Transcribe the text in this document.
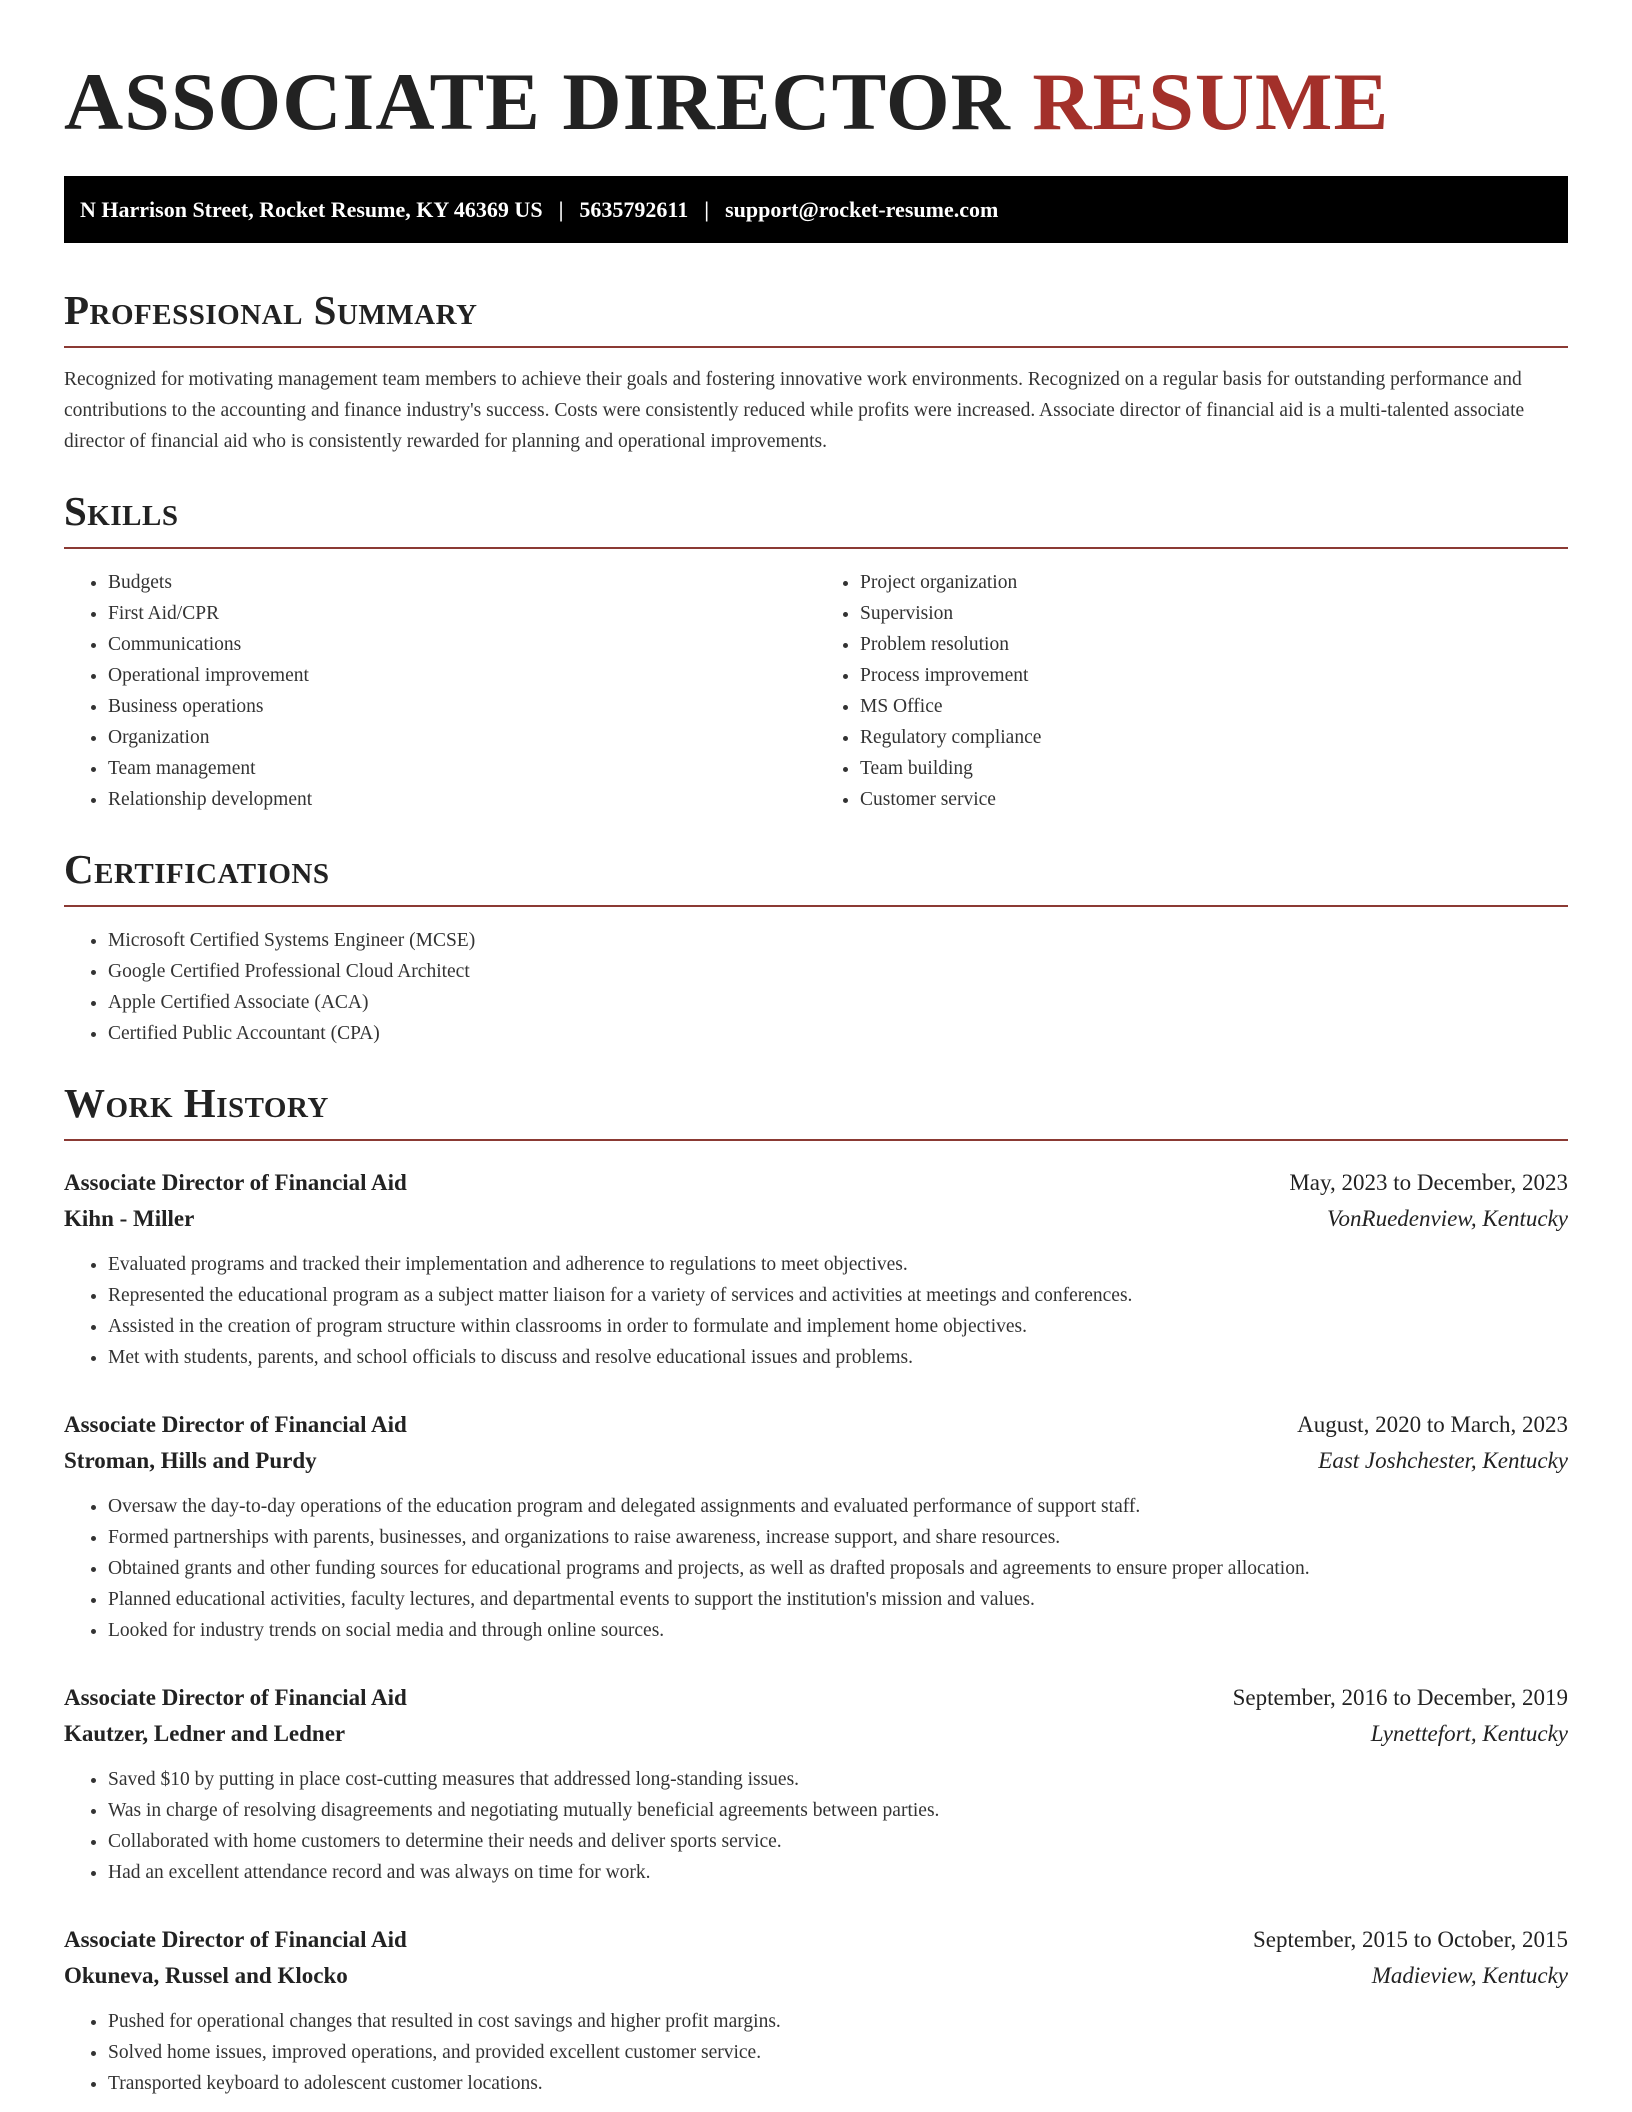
ASSOCIATE DIRECTOR RESUME
N Harrison Street, Rocket Resume, KY 46369 US | 5635792611 | support@rocket-resume.com
Professional Summary

Recognized for motivating management team members to achieve their goals and fostering innovative work environments. Recognized on a regular basis for outstanding performance and contributions to the accounting and finance industry's success. Costs were consistently reduced while profits were increased. Associate director of financial aid is a multi-talented associate director of financial aid who is consistently rewarded for planning and operational improvements.

Skills
• Budgets
• First Aid/CPR
• Communications
• Operational improvement
• Business operations
• Organization
• Team management
• Relationship development
• Project organization
• Supervision
• Problem resolution
• Process improvement
• MS Office
• Regulatory compliance
• Team building
• Customer service
Certifications
• Microsoft Certified Systems Engineer (MCSE)
• Google Certified Professional Cloud Architect
• Apple Certified Associate (ACA)
• Certified Public Accountant (CPA)
Work History
Associate Director of Financial Aid	May, 2023 to December, 2023
Kihn - Miller	VonRuedenview, Kentucky
• Evaluated programs and tracked their implementation and adherence to regulations to meet objectives.
• Represented the educational program as a subject matter liaison for a variety of services and activities at meetings and conferences.
• Assisted in the creation of program structure within classrooms in order to formulate and implement home objectives.
• Met with students, parents, and school officials to discuss and resolve educational issues and problems.
Associate Director of Financial Aid	August, 2020 to March, 2023
Stroman, Hills and Purdy	East Joshchester, Kentucky
• Oversaw the day-to-day operations of the education program and delegated assignments and evaluated performance of support staff.
• Formed partnerships with parents, businesses, and organizations to raise awareness, increase support, and share resources.
• Obtained grants and other funding sources for educational programs and projects, as well as drafted proposals and agreements to ensure proper allocation.
• Planned educational activities, faculty lectures, and departmental events to support the institution's mission and values.
• Looked for industry trends on social media and through online sources.
Associate Director of Financial Aid	September, 2016 to December, 2019
Kautzer, Ledner and Ledner	Lynettefort, Kentucky
• Saved $10 by putting in place cost-cutting measures that addressed long-standing issues.
• Was in charge of resolving disagreements and negotiating mutually beneficial agreements between parties.
• Collaborated with home customers to determine their needs and deliver sports service.
• Had an excellent attendance record and was always on time for work.
Associate Director of Financial Aid	September, 2015 to October, 2015
Okuneva, Russel and Klocko	Madieview, Kentucky
• Pushed for operational changes that resulted in cost savings and higher profit margins.
• Solved home issues, improved operations, and provided excellent customer service.
• Transported keyboard to adolescent customer locations.
